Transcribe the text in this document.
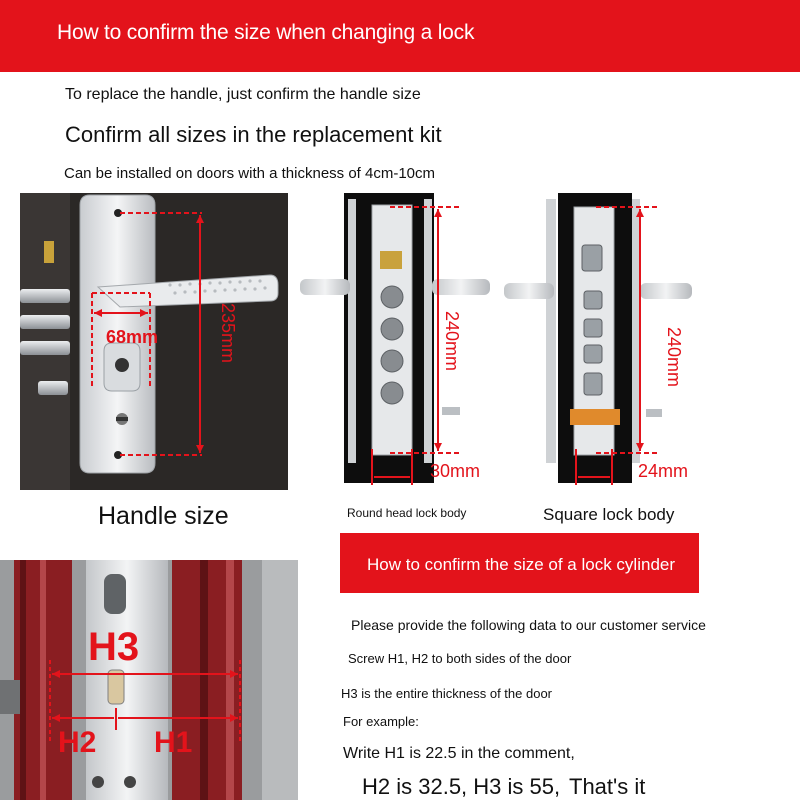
How to confirm the size when changing a lock
To replace the handle, just confirm the handle size
Confirm all sizes in the replacement kit
Can be installed on doors with a thickness of 4cm-10cm
68mm	235mm	240mm
30mm
240mm
24mm
Handle size	Round head lock body	Square lock body
H3
H2 H1
How to confirm the size of a lock cylinder
Please provide the following data to our customer service
Screw H1, H2 to both sides of the door
H3 is the entire thickness of the door
For example:
Write H1 is 22.5 in the comment,
H2 is 32.5, H3 is 55, That's it
